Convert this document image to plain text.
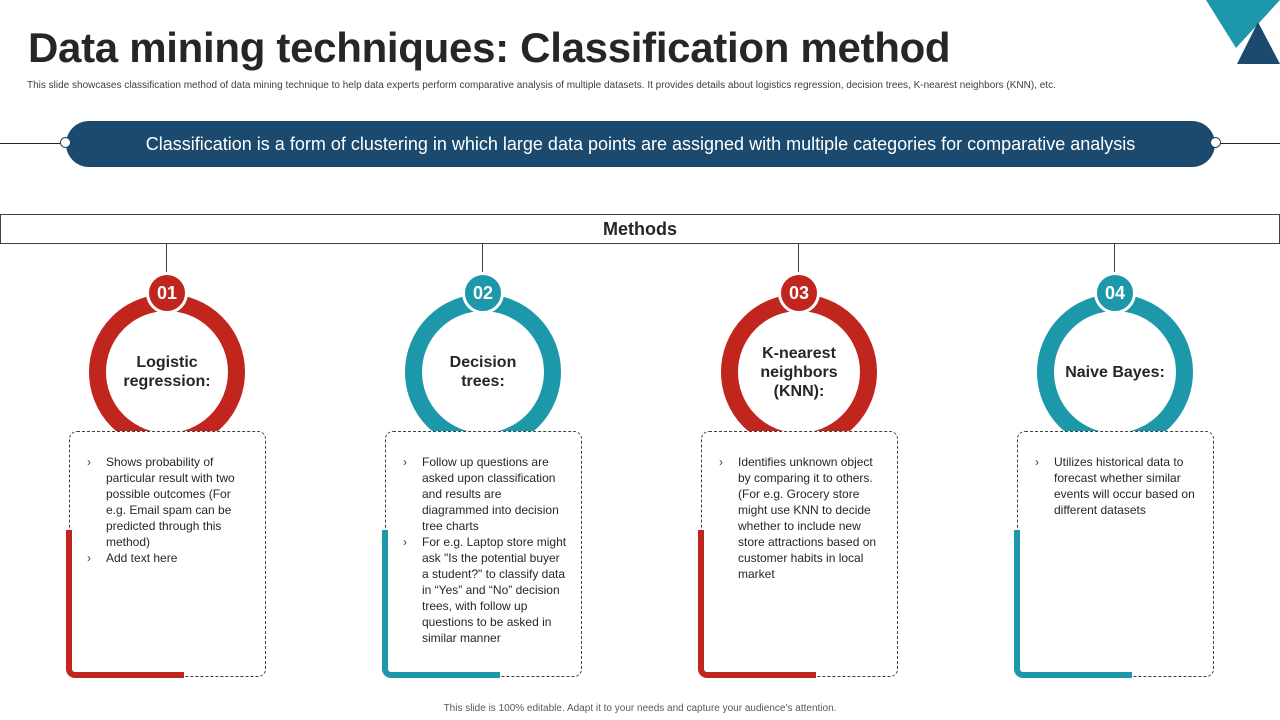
Data mining techniques: Classification method
This slide showcases classification method of data mining technique to help data experts perform comparative analysis of multiple datasets. It provides details about logistics regression, decision trees, K-nearest neighbors (KNN), etc.
Classification is a form of clustering in which large data points are assigned with multiple categories for comparative analysis
Methods
Logistic regression:
01
› Shows probability of particular result with two possible outcomes (For e.g. Email spam can be predicted through this method)
› Add text here
Decision trees:
02
› Follow up questions are asked upon classification and results are diagrammed into decision tree charts
› For e.g. Laptop store might ask "Is the potential buyer a student?" to classify data in “Yes” and “No” decision trees, with follow up questions to be asked in similar manner
K-nearest neighbors (KNN):
03
› Identifies unknown object by comparing it to others. (For e.g. Grocery store might use KNN to decide whether to include new store attractions based on customer habits in local market
Naive Bayes:
04
› Utilizes historical data to forecast whether similar events will occur based on different datasets
This slide is 100% editable. Adapt it to your needs and capture your audience’s attention.
